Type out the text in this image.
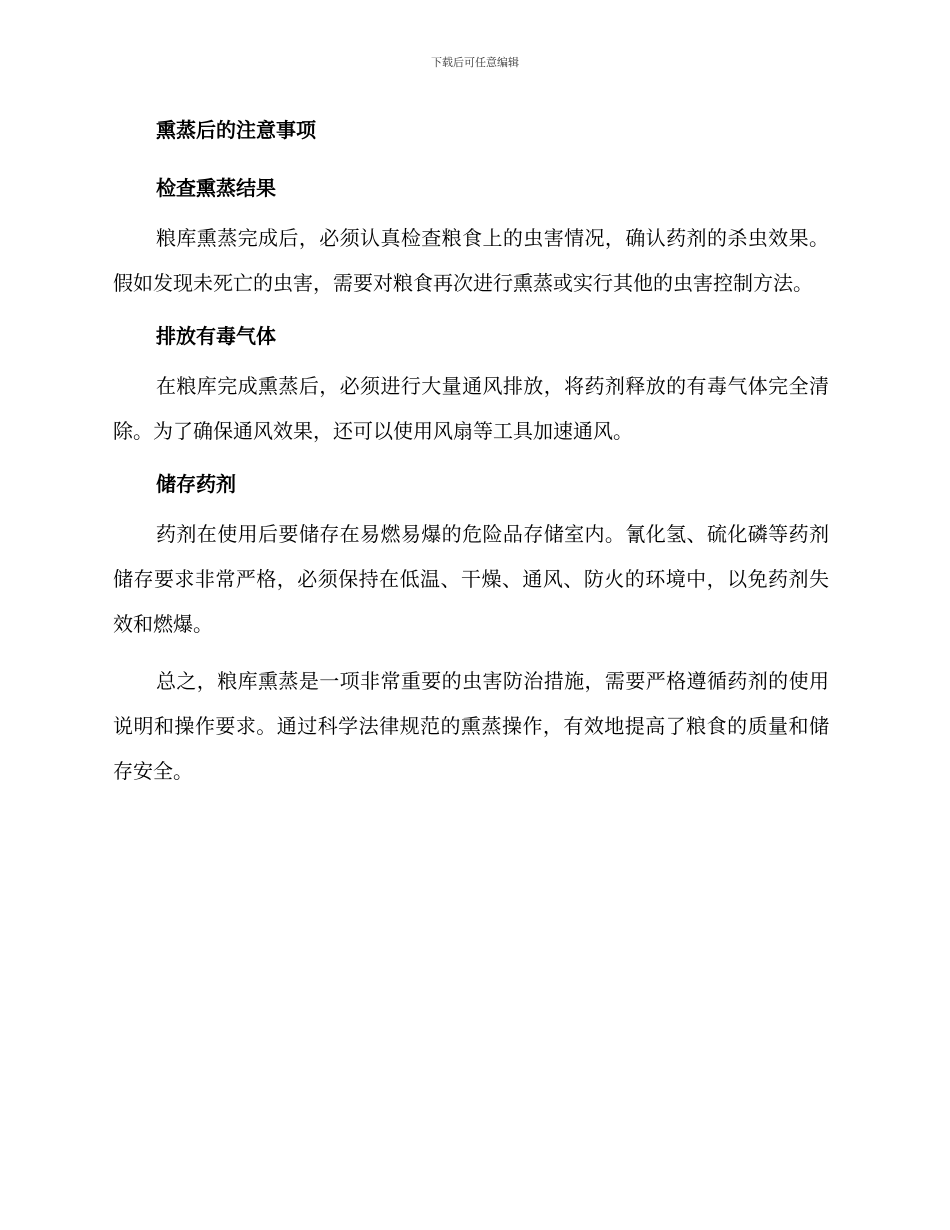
下载后可任意编辑
熏蒸后的注意事项
检查熏蒸结果

粮库熏蒸完成后，必须认真检查粮食上的虫害情况，确认药剂的杀虫效果。假如发现未死亡的虫害，需要对粮食再次进行熏蒸或实行其他的虫害控制方法。

排放有毒气体

在粮库完成熏蒸后，必须进行大量通风排放，将药剂释放的有毒气体完全清除。为了确保通风效果，还可以使用风扇等工具加速通风。

储存药剂

药剂在使用后要储存在易燃易爆的危险品存储室内。氰化氢、硫化磷等药剂储存要求非常严格，必须保持在低温、干燥、通风、防火的环境中，以免药剂失效和燃爆。

总之，粮库熏蒸是一项非常重要的虫害防治措施，需要严格遵循药剂的使用说明和操作要求。通过科学法律规范的熏蒸操作，有效地提高了粮食的质量和储存安全。
